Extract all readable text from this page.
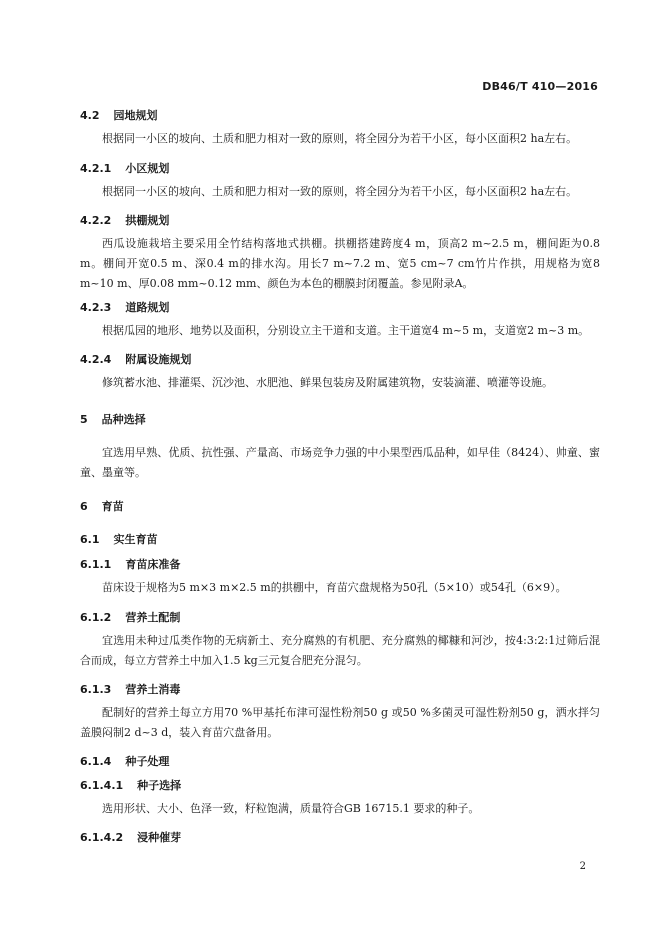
DB46/T 410—2016
4.2 园地规划
根据同一小区的坡向、土质和肥力相对一致的原则，将全园分为若干小区，每小区面积2 ha左右。
4.2.1 小区规划
根据同一小区的坡向、土质和肥力相对一致的原则，将全园分为若干小区，每小区面积2 ha左右。
4.2.2 拱棚规划
西瓜设施栽培主要采用全竹结构落地式拱棚。拱棚搭建跨度4 m，顶高2 m~2.5 m，棚间距为0.8 m。棚间开宽0.5 m、深0.4 m的排水沟。用长7 m~7.2 m、宽5 cm~7 cm竹片作拱，用规格为宽8 m~10 m、厚0.08 mm~0.12 mm、颜色为本色的棚膜封闭覆盖。参见附录A。
4.2.3 道路规划
根据瓜园的地形、地势以及面积，分别设立主干道和支道。主干道宽4 m~5 m，支道宽2 m~3 m。
4.2.4 附属设施规划
修筑蓄水池、排灌渠、沉沙池、水肥池、鲜果包装房及附属建筑物，安装滴灌、喷灌等设施。
5 品种选择
宜选用早熟、优质、抗性强、产量高、市场竞争力强的中小果型西瓜品种，如早佳（8424）、帅童、蜜童、墨童等。
6 育苗
6.1 实生育苗
6.1.1 育苗床准备
苗床设于规格为5 m×3 m×2.5 m的拱棚中，育苗穴盘规格为50孔（5×10）或54孔（6×9）。
6.1.2 营养土配制
宜选用未种过瓜类作物的无病新土、充分腐熟的有机肥、充分腐熟的椰糠和河沙，按4:3:2:1过筛后混合而成，每立方营养土中加入1.5 kg三元复合肥充分混匀。
6.1.3 营养土消毒
配制好的营养土每立方用70 %甲基托布津可湿性粉剂50 g 或50 %多菌灵可湿性粉剂50 g，洒水拌匀盖膜闷制2 d~3 d，装入育苗穴盘备用。
6.1.4 种子处理
6.1.4.1 种子选择
选用形状、大小、色泽一致，籽粒饱满，质量符合GB 16715.1 要求的种子。
6.1.4.2 浸种催芽
2
